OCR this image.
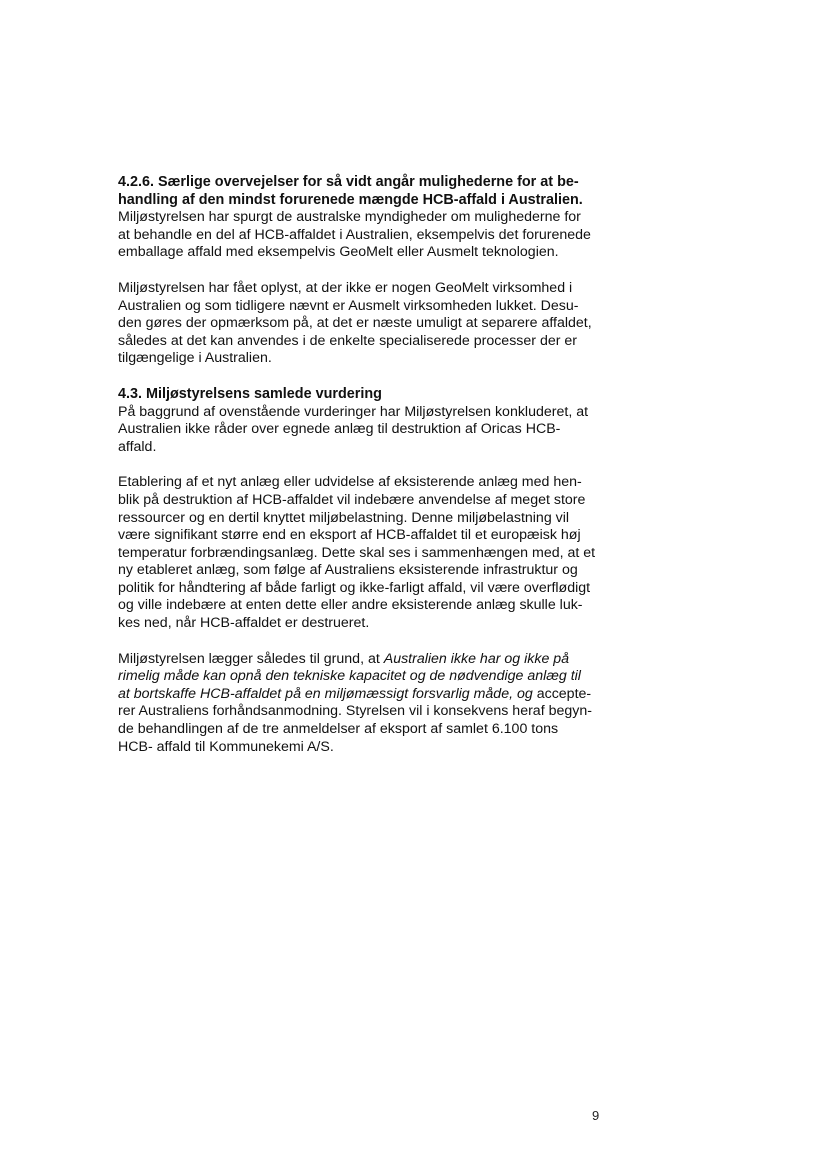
4.2.6. Særlige overvejelser for så vidt angår mulighederne for at be-
handling af den mindst forurenede mængde HCB-affald i Australien.
Miljøstyrelsen har spurgt de australske myndigheder om mulighederne for
at behandle en del af HCB-affaldet i Australien, eksempelvis det forurenede
emballage affald med eksempelvis GeoMelt eller Ausmelt teknologien.
Miljøstyrelsen har fået oplyst, at der ikke er nogen GeoMelt virksomhed i
Australien og som tidligere nævnt er Ausmelt virksomheden lukket. Desu-
den gøres der opmærksom på, at det er næste umuligt at separere affaldet,
således at det kan anvendes i de enkelte specialiserede processer der er
tilgængelige i Australien.
4.3. Miljøstyrelsens samlede vurdering
På baggrund af ovenstående vurderinger har Miljøstyrelsen konkluderet, at
Australien ikke råder over egnede anlæg til destruktion af Oricas HCB-
affald.
Etablering af et nyt anlæg eller udvidelse af eksisterende anlæg med hen-
blik på destruktion af HCB-affaldet vil indebære anvendelse af meget store
ressourcer og en dertil knyttet miljøbelastning. Denne miljøbelastning vil
være signifikant større end en eksport af HCB-affaldet til et europæisk høj
temperatur forbrændingsanlæg. Dette skal ses i sammenhængen med, at et
ny etableret anlæg, som følge af Australiens eksisterende infrastruktur og
politik for håndtering af både farligt og ikke-farligt affald, vil være overflødigt
og ville indebære at enten dette eller andre eksisterende anlæg skulle luk-
kes ned, når HCB-affaldet er destrueret.
Miljøstyrelsen lægger således til grund, at Australien ikke har og ikke på
rimelig måde kan opnå den tekniske kapacitet og de nødvendige anlæg til
at bortskaffe HCB-affaldet på en miljømæssigt forsvarlig måde, og accepte-
rer Australiens forhåndsanmodning. Styrelsen vil i konsekvens heraf begyn-
de behandlingen af de tre anmeldelser af eksport af samlet 6.100 tons
HCB- affald til Kommunekemi A/S.
9
